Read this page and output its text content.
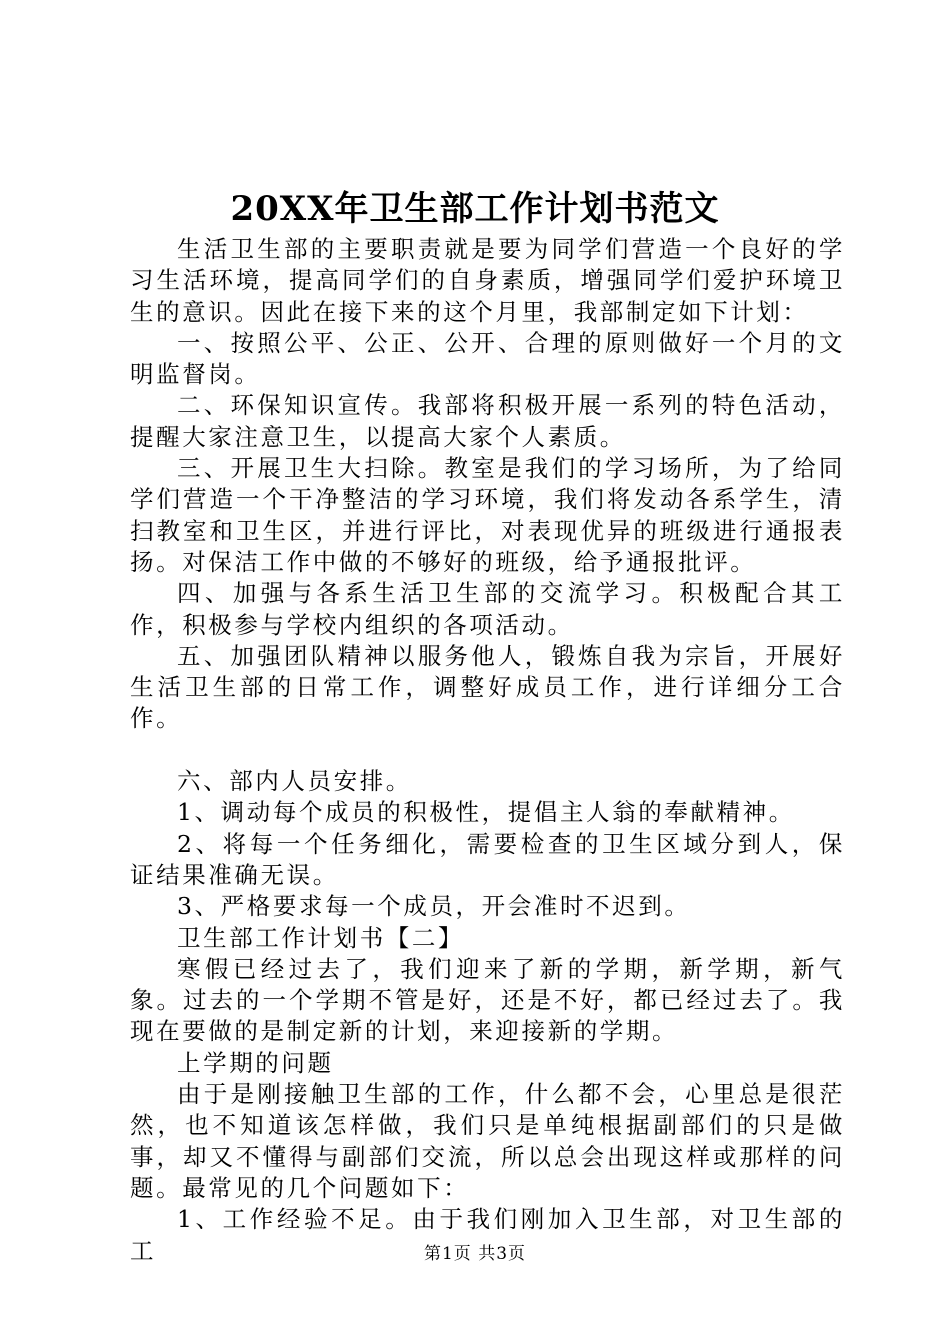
20XX年卫生部工作计划书范文

生活卫生部的主要职责就是要为同学们营造一个良好的学习生活环境，提高同学们的自身素质，增强同学们爱护环境卫生的意识。因此在接下来的这个月里，我部制定如下计划：

一、按照公平、公正、公开、合理的原则做好一个月的文明监督岗。

二、环保知识宣传。我部将积极开展一系列的特色活动，提醒大家注意卫生，以提高大家个人素质。

三、开展卫生大扫除。教室是我们的学习场所，为了给同学们营造一个干净整洁的学习环境，我们将发动各系学生，清扫教室和卫生区，并进行评比，对表现优异的班级进行通报表扬。对保洁工作中做的不够好的班级，给予通报批评。

四、加强与各系生活卫生部的交流学习。积极配合其工作，积极参与学校内组织的各项活动。

五、加强团队精神以服务他人，锻炼自我为宗旨，开展好生活卫生部的日常工作，调整好成员工作，进行详细分工合作。

六、部内人员安排。

1、调动每个成员的积极性，提倡主人翁的奉献精神。

2、将每一个任务细化，需要检查的卫生区域分到人，保证结果准确无误。

3、严格要求每一个成员，开会准时不迟到。

卫生部工作计划书【二】

寒假已经过去了，我们迎来了新的学期，新学期，新气象。过去的一个学期不管是好，还是不好，都已经过去了。我现在要做的是制定新的计划，来迎接新的学期。

上学期的问题

由于是刚接触卫生部的工作，什么都不会，心里总是很茫然，也不知道该怎样做，我们只是单纯根据副部们的只是做事，却又不懂得与副部们交流，所以总会出现这样或那样的问题。最常见的几个问题如下：

1、工作经验不足。由于我们刚加入卫生部，对卫生部的工	第1页 共3页
